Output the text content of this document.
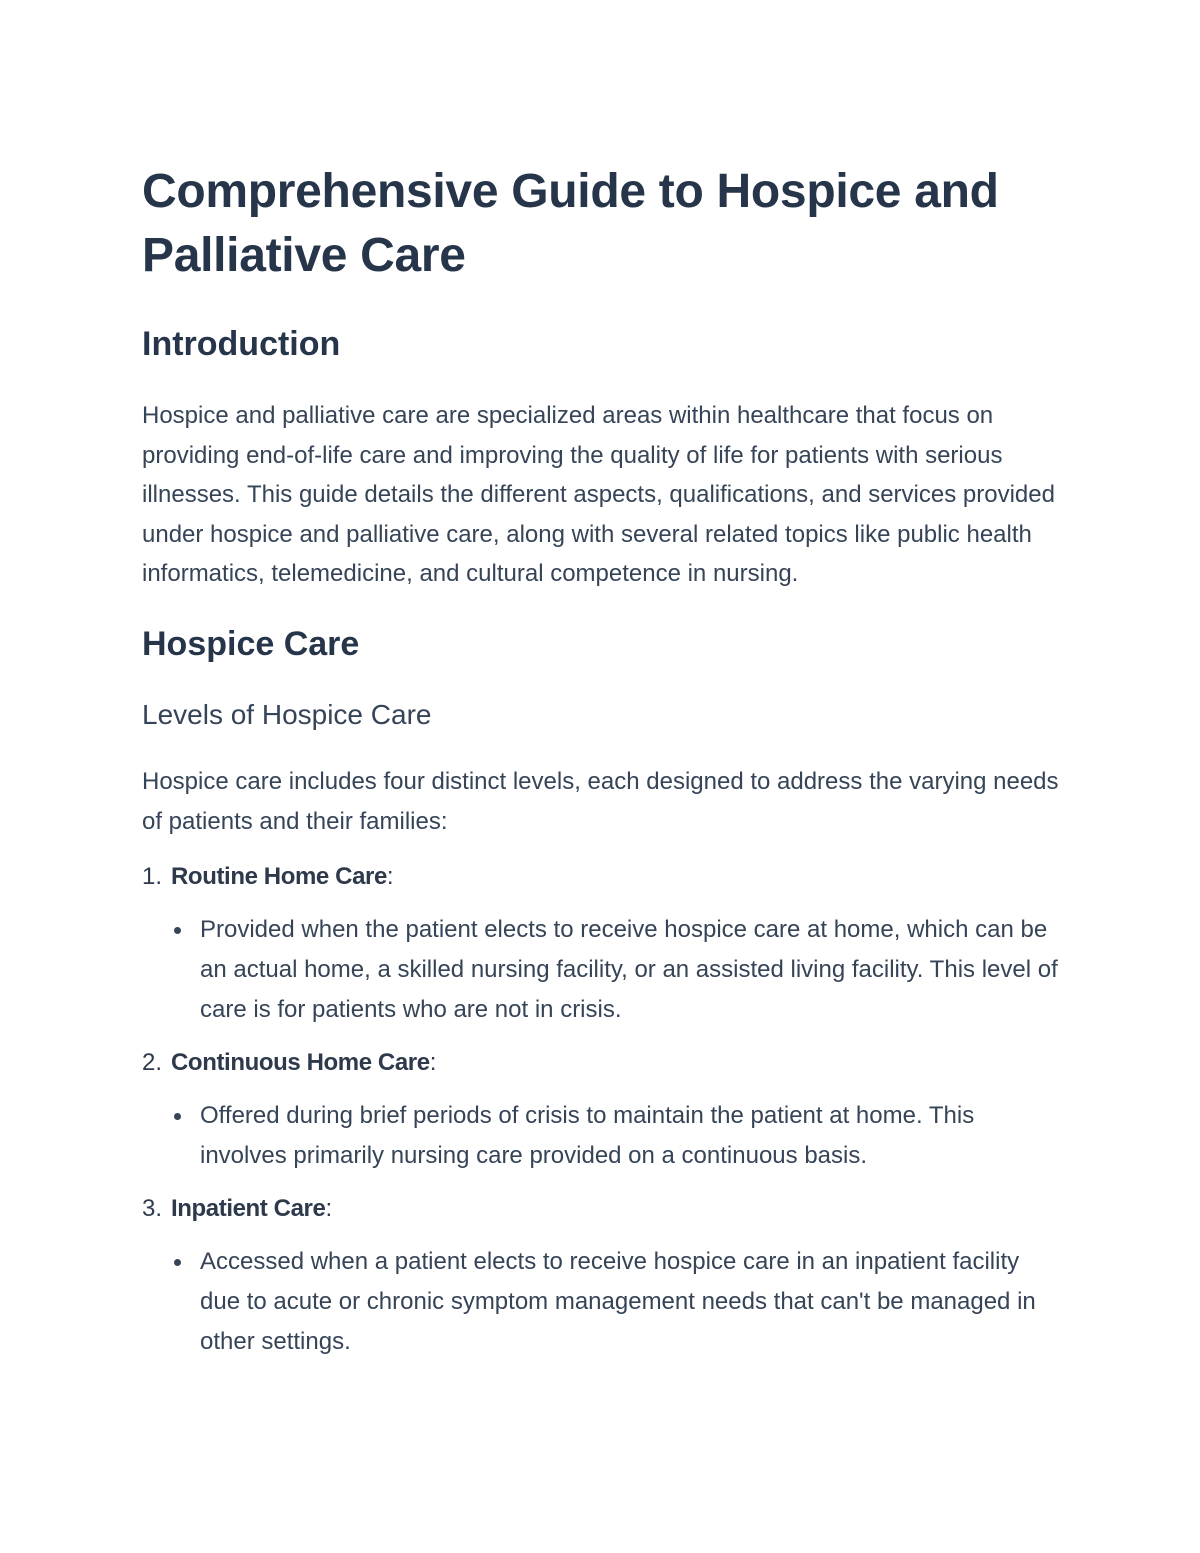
Comprehensive Guide to Hospice and Palliative Care
Introduction

Hospice and palliative care are specialized areas within healthcare that focus on providing end-of-life care and improving the quality of life for patients with serious illnesses. This guide details the different aspects, qualifications, and services provided under hospice and palliative care, along with several related topics like public health informatics, telemedicine, and cultural competence in nursing.

Hospice Care
Levels of Hospice Care

Hospice care includes four distinct levels, each designed to address the varying needs of patients and their families:

1. Routine Home Care:
Provided when the patient elects to receive hospice care at home, which can be an actual home, a skilled nursing facility, or an assisted living facility. This level of care is for patients who are not in crisis.
2. Continuous Home Care:
Offered during brief periods of crisis to maintain the patient at home. This involves primarily nursing care provided on a continuous basis.
3. Inpatient Care:
Accessed when a patient elects to receive hospice care in an inpatient facility due to acute or chronic symptom management needs that can't be managed in other settings.
